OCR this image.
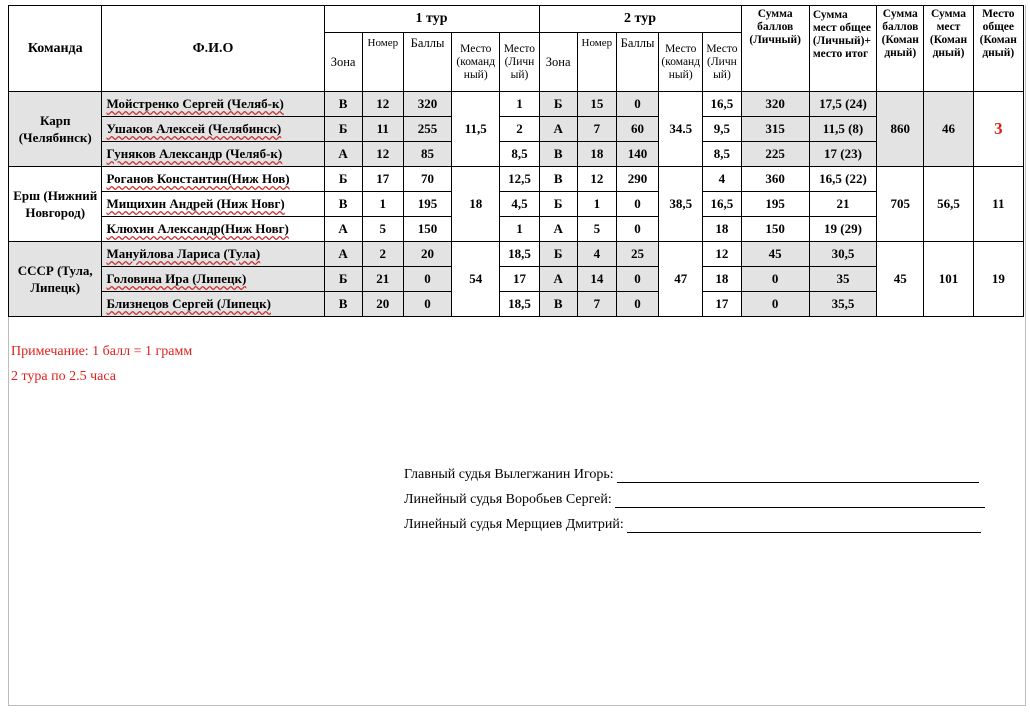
Команда	Ф.И.О	1 тур					2 тур					Сумма баллов (Личный)	Сумма мест общее (Личный)+ место итог	Сумма баллов (Коман дный)	Сумма мест (Коман дный)	Место общее (Коман дный)
		Зона	Номер	Баллы	Место (команд ный)	Место (Личн ый)	Зона	Номер	Баллы	Место (команд ный)	Место (Личн ый)					
Карп (Челябинск)	Мойстренко Сергей (Челяб-к)	В	12	320	11,5	1	Б	15	0	34.5	16,5	320	17,5 (24)	860	46	3
	Ушаков Алексей (Челябинск)	Б	11	255		2	А	7	60		9,5	315	11,5 (8)			
	Гуняков Александр (Челяб-к)	А	12	85		8,5	В	18	140		8,5	225	17 (23)			
Ерш (Нижний Новгород)	Роганов Константин(Ниж Нов)	Б	17	70	18	12,5	В	12	290	38,5	4	360	16,5 (22)	705	56,5	11
	Мищихин Андрей (Ниж Новг)	В	1	195		4,5	Б	1	0		16,5	195	21			
	Клюхин Александр(Ниж Новг)	А	5	150		1	А	5	0		18	150	19 (29)			
СССР (Тула, Липецк)	Мануйлова Лариса (Тула)	А	2	20	54	18,5	Б	4	25	47	12	45	30,5	45	101	19
	Головина Ира (Липецк)	Б	21	0		17	А	14	0		18	0	35			
	Близнецов Сергей (Липецк)	В	20	0		18,5	В	7	0		17	0	35,5			
Примечание: 1 балл = 1 грамм
2 тура по 2.5 часа
Главный судья Вылегжанин Игорь:
Линейный судья Воробьев Сергей:
Линейный судья Мерщиев Дмитрий:
